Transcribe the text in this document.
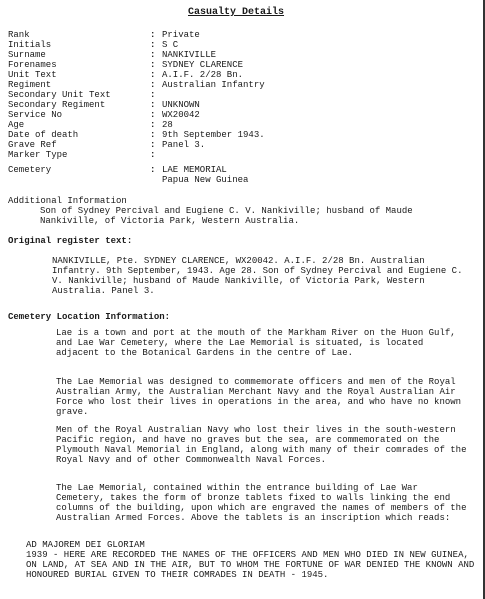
Casualty Details
Rank	: Private
Initials	: S C
Surname	: NANKIVILLE
Forenames	: SYDNEY CLARENCE
Unit Text	: A.I.F. 2/28 Bn.
Regiment	: Australian Infantry
Secondary Unit Text	:
Secondary Regiment	: UNKNOWN
Service No	: WX20042
Age	: 28
Date of death	: 9th September 1943.
Grave Ref	: Panel 3.
Marker Type	:
Cemetery	: LAE MEMORIAL
Papua New Guinea
Additional Information
Son of Sydney Percival and Eugiene C. V. Nankiville; husband of Maude Nankiville, of Victoria Park, Western Australia.
Original register text:
NANKIVILLE, Pte. SYDNEY CLARENCE, WX20042. A.I.F. 2/28 Bn. Australian Infantry. 9th September, 1943. Age 28. Son of Sydney Percival and Eugiene C. V. Nankiville; husband of Maude Nankiville, of Victoria Park, Western Australia. Panel 3.
Cemetery Location Information:
Lae is a town and port at the mouth of the Markham River on the Huon Gulf, and Lae War Cemetery, where the Lae Memorial is situated, is located adjacent to the Botanical Gardens in the centre of Lae.
The Lae Memorial was designed to commemorate officers and men of the Royal Australian Army, the Australian Merchant Navy and the Royal Australian Air Force who lost their lives in operations in the area, and who have no known grave.
Men of the Royal Australian Navy who lost their lives in the south-western Pacific region, and have no graves but the sea, are commemorated on the Plymouth Naval Memorial in England, along with many of their comrades of the Royal Navy and of other Commonwealth Naval Forces.
The Lae Memorial, contained within the entrance building of Lae War Cemetery, takes the form of bronze tablets fixed to walls linking the end columns of the building, upon which are engraved the names of members of the Australian Armed Forces. Above the tablets is an inscription which reads:
AD MAJOREM DEI GLORIAM
1939 - HERE ARE RECORDED THE NAMES OF THE OFFICERS AND MEN WHO DIED IN NEW GUINEA, ON LAND, AT SEA AND IN THE AIR, BUT TO WHOM THE FORTUNE OF WAR DENIED THE KNOWN AND HONOURED BURIAL GIVEN TO THEIR COMRADES IN DEATH - 1945.
